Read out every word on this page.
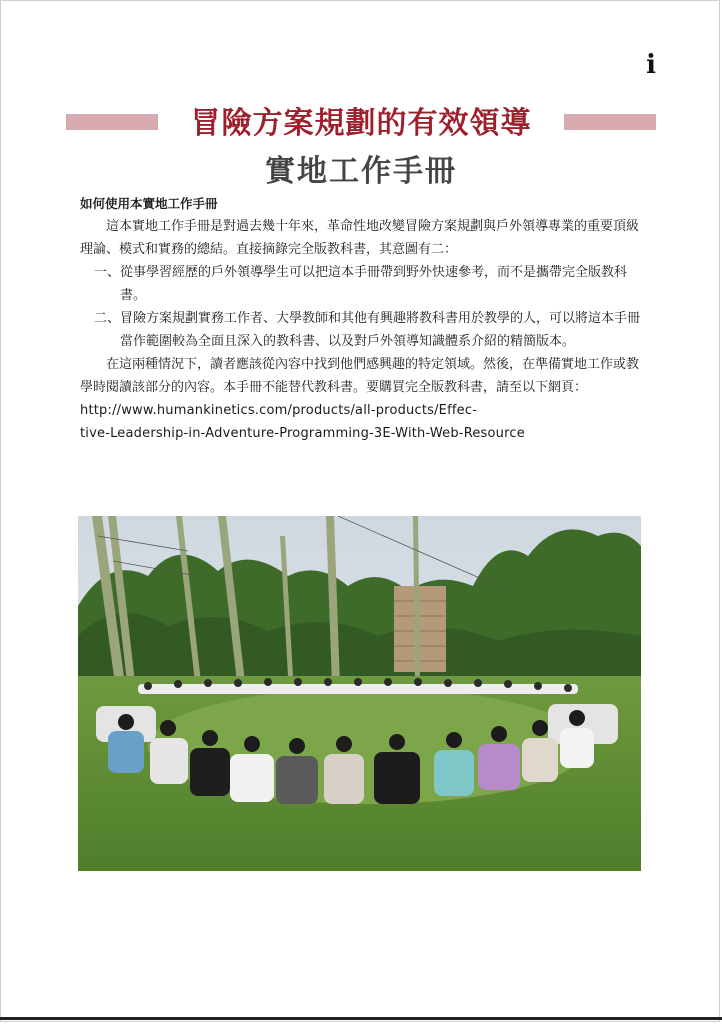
i
冒險方案規劃的有效領導
實地工作手冊

如何使用本實地工作手冊

這本實地工作手冊是對過去幾十年來，革命性地改變冒險方案規劃與戶外領導專業的重要頂級理論、模式和實務的總結。直接摘錄完全版教科書，其意圖有二：

一、 從事學習經歷的戶外領導學生可以把這本手冊帶到野外快速參考，而不是攜帶完全版教科書。
二、 冒險方案規劃實務工作者、大學教師和其他有興趣將教科書用於教學的人，可以將這本手冊當作範圍較為全面且深入的教科書、以及對戶外領導知識體系介紹的精簡版本。

在這兩種情況下，讀者應該從內容中找到他們感興趣的特定領域。然後，在準備實地工作或教學時閱讀該部分的內容。本手冊不能替代教科書。要購買完全版教科書，請至以下網頁：

http://www.humankinetics.com/products/all-products/Effec-

tive-Leadership-in-Adventure-Programming-3E-With-Web-Resource
